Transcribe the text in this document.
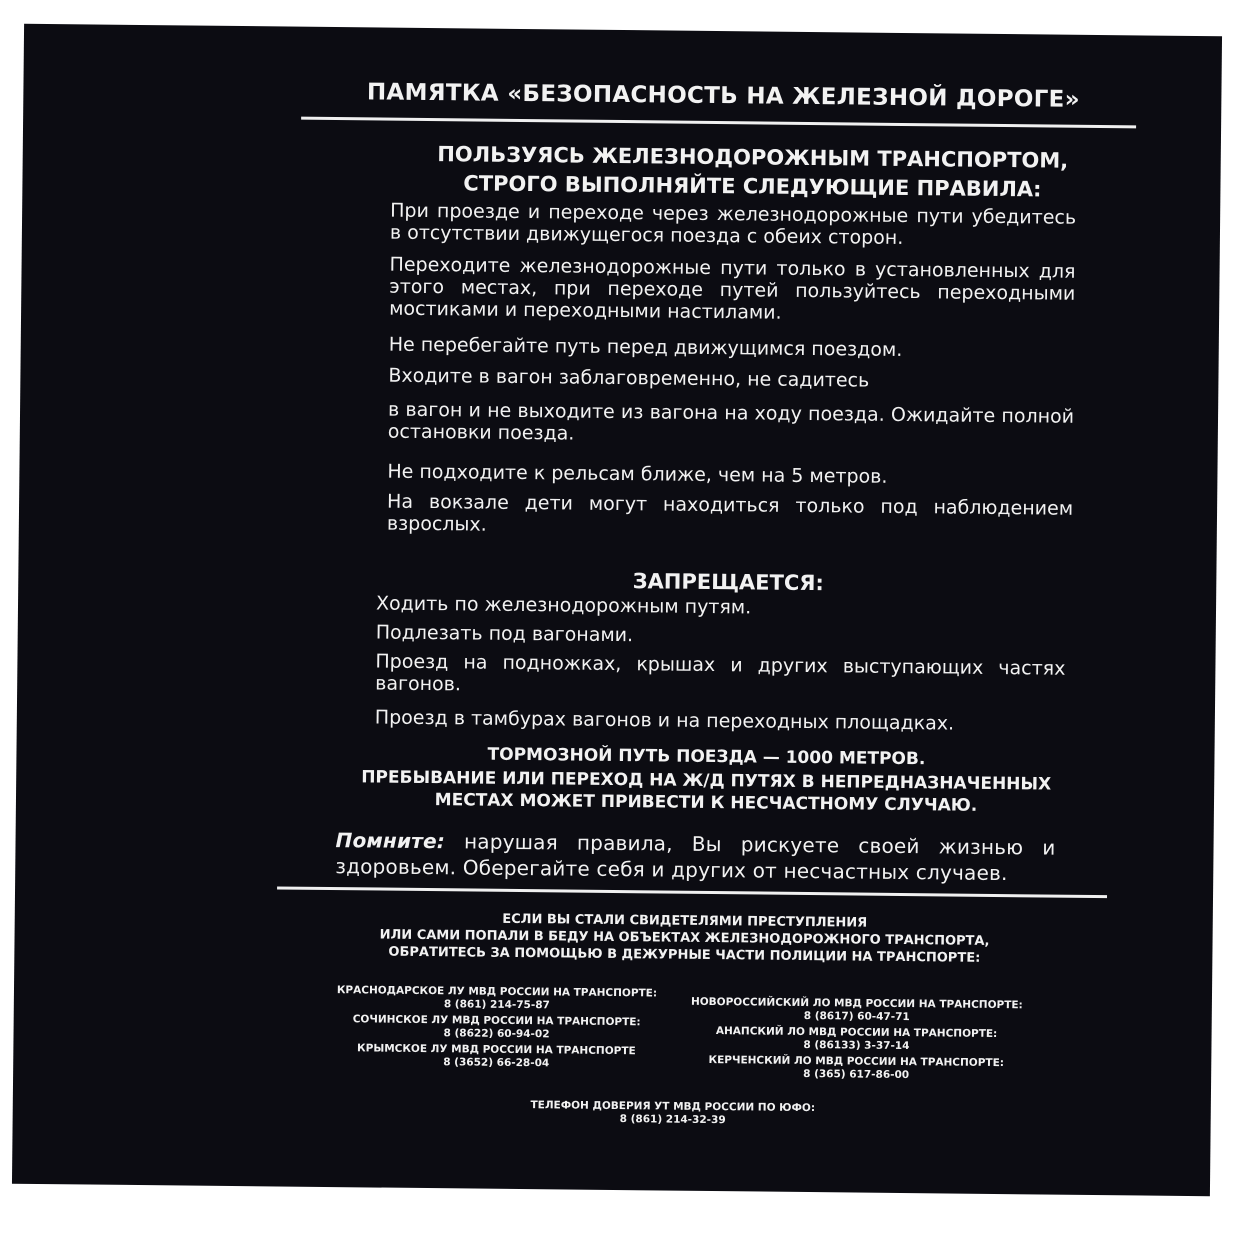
ПАМЯТКА «БЕЗОПАСНОСТЬ НА ЖЕЛЕЗНОЙ ДОРОГЕ»
ПОЛЬЗУЯСЬ ЖЕЛЕЗНОДОРОЖНЫМ ТРАНСПОРТОМ,
СТРОГО ВЫПОЛНЯЙТЕ СЛЕДУЮЩИЕ ПРАВИЛА:
При проезде и переходе через железнодорожные пути убедитесь в отсутствии движущегося поезда с обеих сторон.
Переходите железнодорожные пути только в установленных для этого местах, при переходе путей пользуйтесь переходными мостиками и переходными настилами.
Не перебегайте путь перед движущимся поездом.
Входите в вагон заблаговременно, не садитесь
в вагон и не выходите из вагона на ходу поезда. Ожидайте полной остановки поезда.
Не подходите к рельсам ближе, чем на 5 метров.
На вокзале дети могут находиться только под наблюдением взрослых.
ЗАПРЕЩАЕТСЯ:
Ходить по железнодорожным путям.
Подлезать под вагонами.
Проезд на подножках, крышах и других выступающих частях вагонов.
Проезд в тамбурах вагонов и на переходных площадках.
ТОРМОЗНОЙ ПУТЬ ПОЕЗДА — 1000 МЕТРОВ.
ПРЕБЫВАНИЕ ИЛИ ПЕРЕХОД НА Ж/Д ПУТЯХ В НЕПРЕДНАЗНАЧЕННЫХ
МЕСТАХ МОЖЕТ ПРИВЕСТИ К НЕСЧАСТНОМУ СЛУЧАЮ.
Помните: нарушая правила, Вы рискуете своей жизнью и здоровьем. Оберегайте себя и других от несчастных случаев.
ЕСЛИ ВЫ СТАЛИ СВИДЕТЕЛЯМИ ПРЕСТУПЛЕНИЯ
ИЛИ САМИ ПОПАЛИ В БЕДУ НА ОБЪЕКТАХ ЖЕЛЕЗНОДОРОЖНОГО ТРАНСПОРТА,
ОБРАТИТЕСЬ ЗА ПОМОЩЬЮ В ДЕЖУРНЫЕ ЧАСТИ ПОЛИЦИИ НА ТРАНСПОРТЕ:
КРАСНОДАРСКОЕ ЛУ МВД РОССИИ НА ТРАНСПОРТЕ:
8 (861) 214-75-87
СОЧИНСКОЕ ЛУ МВД РОССИИ НА ТРАНСПОРТЕ:
8 (8622) 60-94-02
КРЫМСКОЕ ЛУ МВД РОССИИ НА ТРАНСПОРТЕ
8 (3652) 66-28-04
НОВОРОССИЙСКИЙ ЛО МВД РОССИИ НА ТРАНСПОРТЕ:
8 (8617) 60-47-71
АНАПСКИЙ ЛО МВД РОССИИ НА ТРАНСПОРТЕ:
8 (86133) 3-37-14
КЕРЧЕНСКИЙ ЛО МВД РОССИИ НА ТРАНСПОРТЕ:
8 (365) 617-86-00
ТЕЛЕФОН ДОВЕРИЯ УТ МВД РОССИИ ПО ЮФО:
8 (861) 214-32-39
